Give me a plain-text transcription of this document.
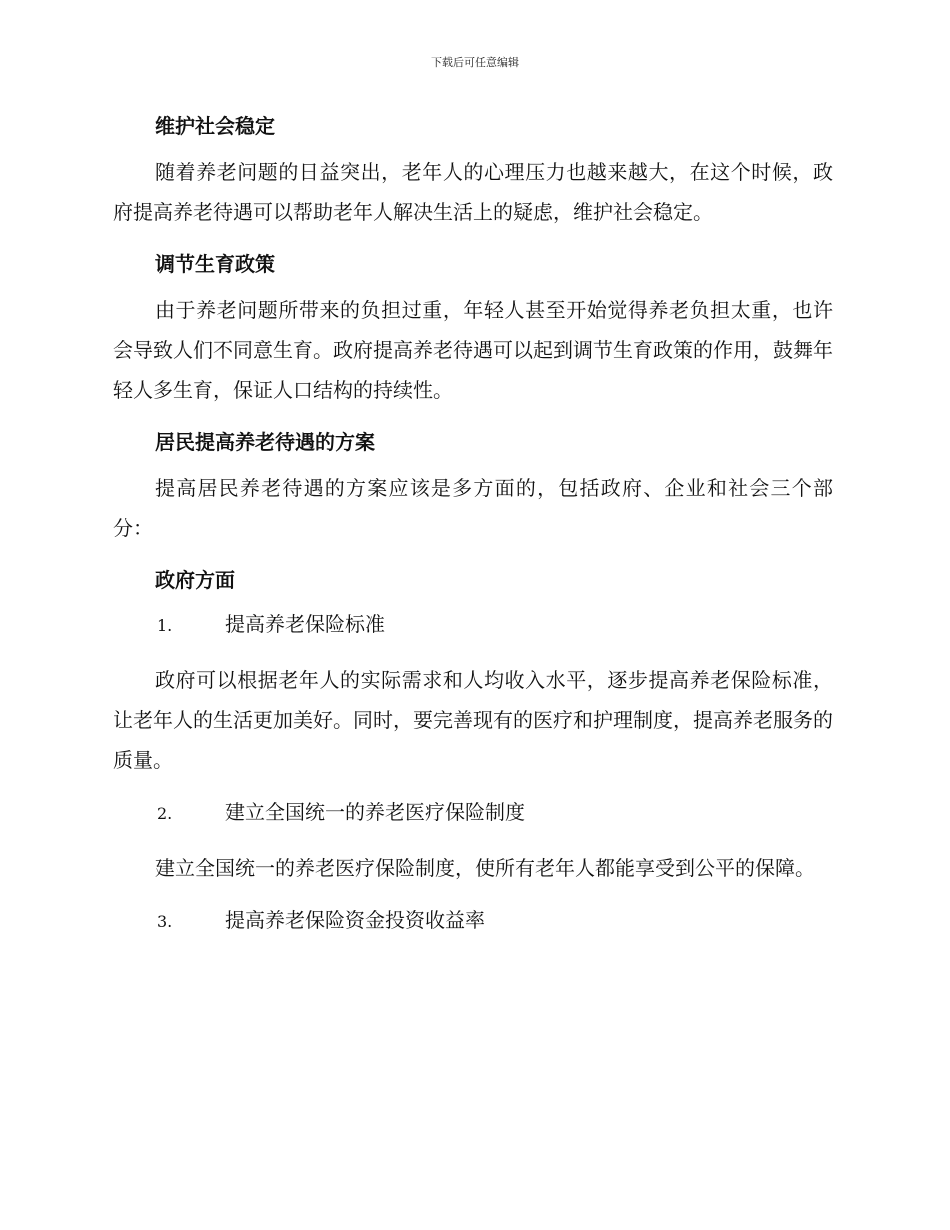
下载后可任意编辑
维护社会稳定

随着养老问题的日益突出，老年人的心理压力也越来越大，在这个时候，政府提高养老待遇可以帮助老年人解决生活上的疑虑，维护社会稳定。

调节生育政策

由于养老问题所带来的负担过重，年轻人甚至开始觉得养老负担太重，也许会导致人们不同意生育。政府提高养老待遇可以起到调节生育政策的作用，鼓舞年轻人多生育，保证人口结构的持续性。

居民提高养老待遇的方案

提高居民养老待遇的方案应该是多方面的，包括政府、企业和社会三个部分：

政府方面
1.	提高养老保险标准

政府可以根据老年人的实际需求和人均收入水平，逐步提高养老保险标准，让老年人的生活更加美好。同时，要完善现有的医疗和护理制度，提高养老服务的质量。

2.	建立全国统一的养老医疗保险制度

建立全国统一的养老医疗保险制度，使所有老年人都能享受到公平的保障。

3.	提高养老保险资金投资收益率
